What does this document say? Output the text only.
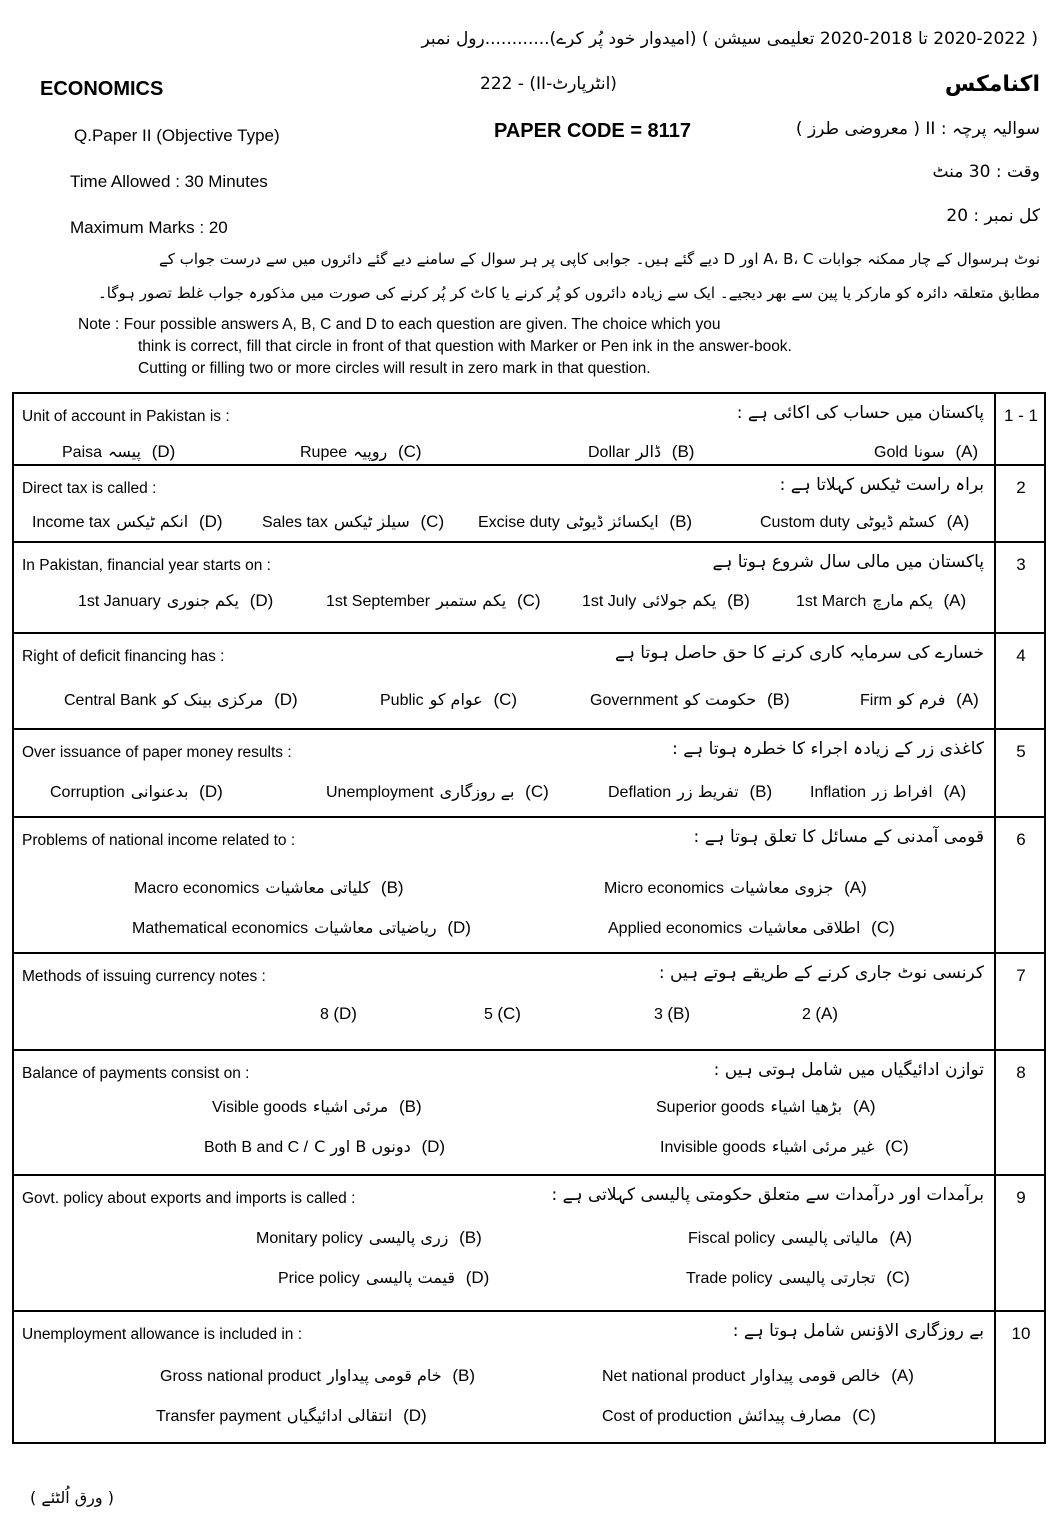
( 2020-2022 تا 2018-2020 تعلیمی سیشن ) (امیدوار خود پُر کرے)............رول نمبر
ECONOMICS	(انٹرپارٹ-II) - 222	اکنامکس
Q.Paper II (Objective Type)	PAPER CODE = 8117	سوالیہ پرچہ : II ( معروضی طرز )
Time Allowed : 30 Minutes	وقت : 30 منٹ
Maximum Marks : 20
کل نمبر : 20
نوٹ ہرسوال کے چار ممکنہ جوابات A، B، C اور D دیے گئے ہیں۔ جوابی کاپی پر ہر سوال کے سامنے دیے گئے دائروں میں سے درست جواب کے
مطابق متعلقہ دائرہ کو مارکر یا پین سے بھر دیجیے۔ ایک سے زیادہ دائروں کو پُر کرنے یا کاٹ کر پُر کرنے کی صورت میں مذکورہ جواب غلط تصور ہوگا۔
Note : Four possible answers A, B, C and D to each question are given. The choice which you
think is correct, fill that circle in front of that question with Marker or Pen ink in the answer-book.
Cutting or filling two or more circles will result in zero mark in that question.
Unit of account in Pakistan is :	پاکستان میں حساب کی اکائی ہے :
Paisa پیسہ (D)	Rupee روپیہ (C)	Dollar ڈالر (B)	Gold سونا (A)
1 - 1
Direct tax is called :	براہ راست ٹیکس کہلاتا ہے :
Income tax انکم ٹیکس (D) Sales tax سیلز ٹیکس (C) Excise duty ایکسائز ڈیوٹی (B)	Custom duty کسٹم ڈیوٹی (A)
2
In Pakistan, financial year starts on :	پاکستان میں مالی سال شروع ہوتا ہے
1st January یکم جنوری (D)	1st September یکم ستمبر (C)	1st July یکم جولائی (B)	1st March یکم مارچ (A)
3
Right of deficit financing has :	خسارے کی سرمایہ کاری کرنے کا حق حاصل ہوتا ہے
Central Bank مرکزی بینک کو (D)	Public عوام کو (C)	Government حکومت کو (B)	Firm فرم کو (A)
4
Over issuance of paper money results :	کاغذی زر کے زیادہ اجراء کا خطرہ ہوتا ہے :
Corruption بدعنوانی (D)	Unemployment بے روزگاری (C)	Deflation تفریط زر (B) Inflation افراط زر (A)
5
Problems of national income related to :	قومی آمدنی کے مسائل کا تعلق ہوتا ہے :
Macro economics کلیاتی معاشیات (B)	Micro economics جزوی معاشیات (A)
Mathematical economics ریاضیاتی معاشیات (D)	Applied economics اطلاقی معاشیات (C)
6
Methods of issuing currency notes :	کرنسی نوٹ جاری کرنے کے طریقے ہوتے ہیں :
8 (D)	5 (C)	3 (B)	2 (A)
7
Balance of payments consist on :	توازن ادائیگیاں میں شامل ہوتی ہیں :
Visible goods مرئی اشیاء (B)	Superior goods بڑھیا اشیاء (A)
Both B and C / C اور B دونوں (D)	Invisible goods غیر مرئی اشیاء (C)
8
Govt. policy about exports and imports is called :	برآمدات اور درآمدات سے متعلق حکومتی پالیسی کہلاتی ہے :
Monitary policy زری پالیسی (B)	Fiscal policy مالیاتی پالیسی (A)
Price policy قیمت پالیسی (D)	Trade policy تجارتی پالیسی (C)
9
Unemployment allowance is included in :	بے روزگاری الاؤنس شامل ہوتا ہے :
Gross national product خام قومی پیداوار (B)	Net national product خالص قومی پیداوار (A)
Transfer payment انتقالی ادائیگیاں (D)	Cost of production مصارف پیدائش (C)
10
( ورق اُلٹئے )
